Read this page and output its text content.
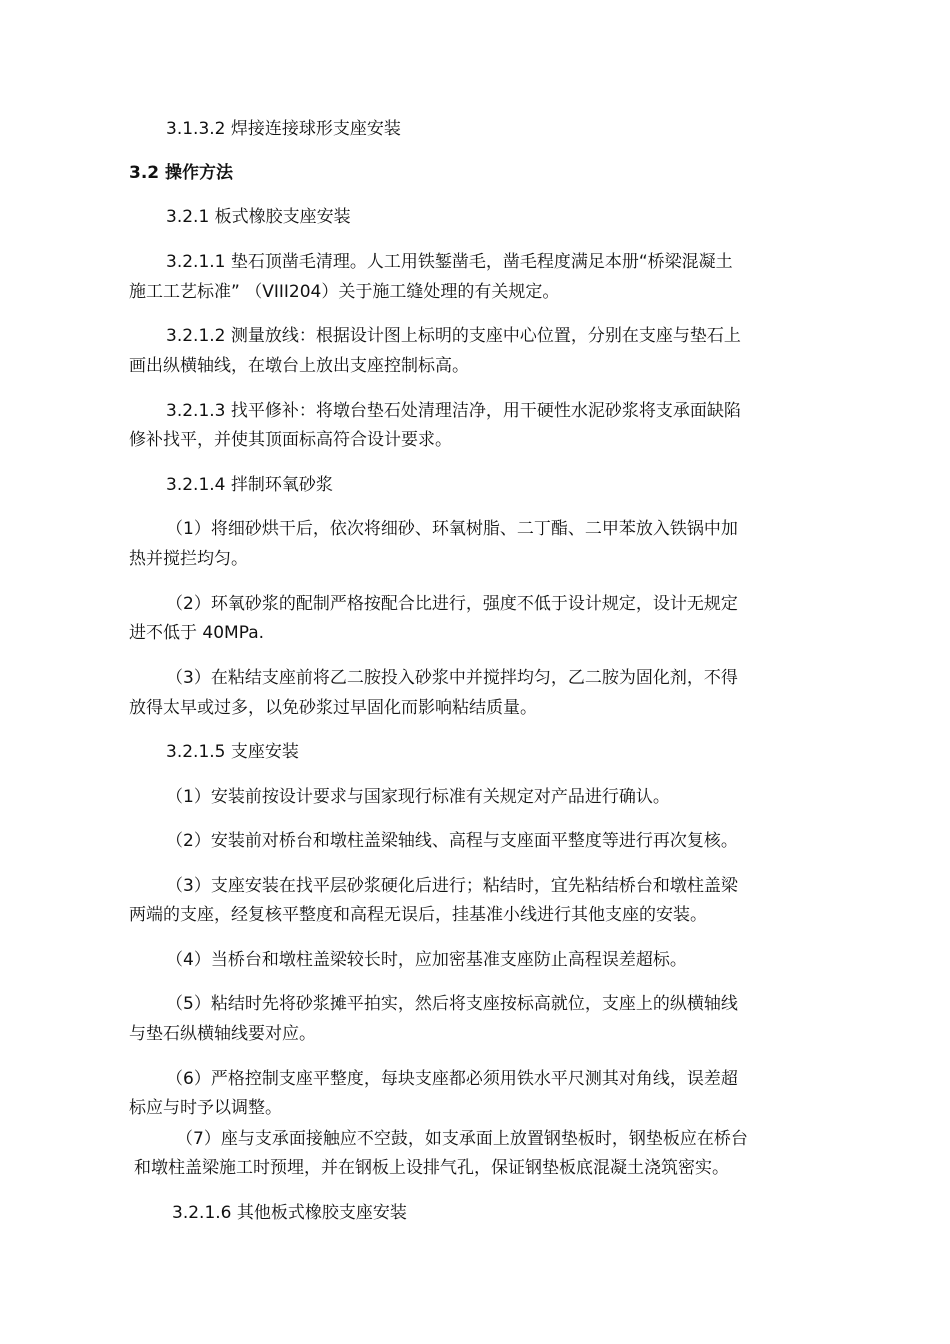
3.1.3.2 焊接连接球形支座安装

3.2 操作方法

3.2.1 板式橡胶支座安装

3.2.1.1 垫石顶凿毛清理。人工用铁錾凿毛，凿毛程度满足本册“桥梁混凝土

施工工艺标准” （VIII204）关于施工缝处理的有关规定。

3.2.1.2 测量放线：根据设计图上标明的支座中心位置，分别在支座与垫石上

画出纵横轴线，在墩台上放出支座控制标高。

3.2.1.3 找平修补：将墩台垫石处清理洁净，用干硬性水泥砂浆将支承面缺陷

修补找平，并使其顶面标高符合设计要求。

3.2.1.4 拌制环氧砂浆

（1）将细砂烘干后，依次将细砂、环氧树脂、二丁酯、二甲苯放入铁锅中加

热并搅拦均匀。

（2）环氧砂浆的配制严格按配合比进行，强度不低于设计规定，设计无规定

进不低于 40MPa.

（3）在粘结支座前将乙二胺投入砂浆中并搅拌均匀，乙二胺为固化剂，不得

放得太早或过多，以免砂浆过早固化而影响粘结质量。

3.2.1.5 支座安装

（1）安装前按设计要求与国家现行标准有关规定对产品进行确认。

（2）安装前对桥台和墩柱盖梁轴线、高程与支座面平整度等进行再次复核。

（3）支座安装在找平层砂浆硬化后进行；粘结时，宜先粘结桥台和墩柱盖梁

两端的支座，经复核平整度和高程无误后，挂基准小线进行其他支座的安装。

（4）当桥台和墩柱盖梁较长时，应加密基准支座防止高程误差超标。

（5）粘结时先将砂浆摊平拍实，然后将支座按标高就位，支座上的纵横轴线

与垫石纵横轴线要对应。

（6）严格控制支座平整度，每块支座都必须用铁水平尺测其对角线，误差超

标应与时予以调整。

（7）座与支承面接触应不空鼓，如支承面上放置钢垫板时，钢垫板应在桥台

和墩柱盖梁施工时预埋，并在钢板上设排气孔，保证钢垫板底混凝土浇筑密实。

3.2.1.6 其他板式橡胶支座安装
